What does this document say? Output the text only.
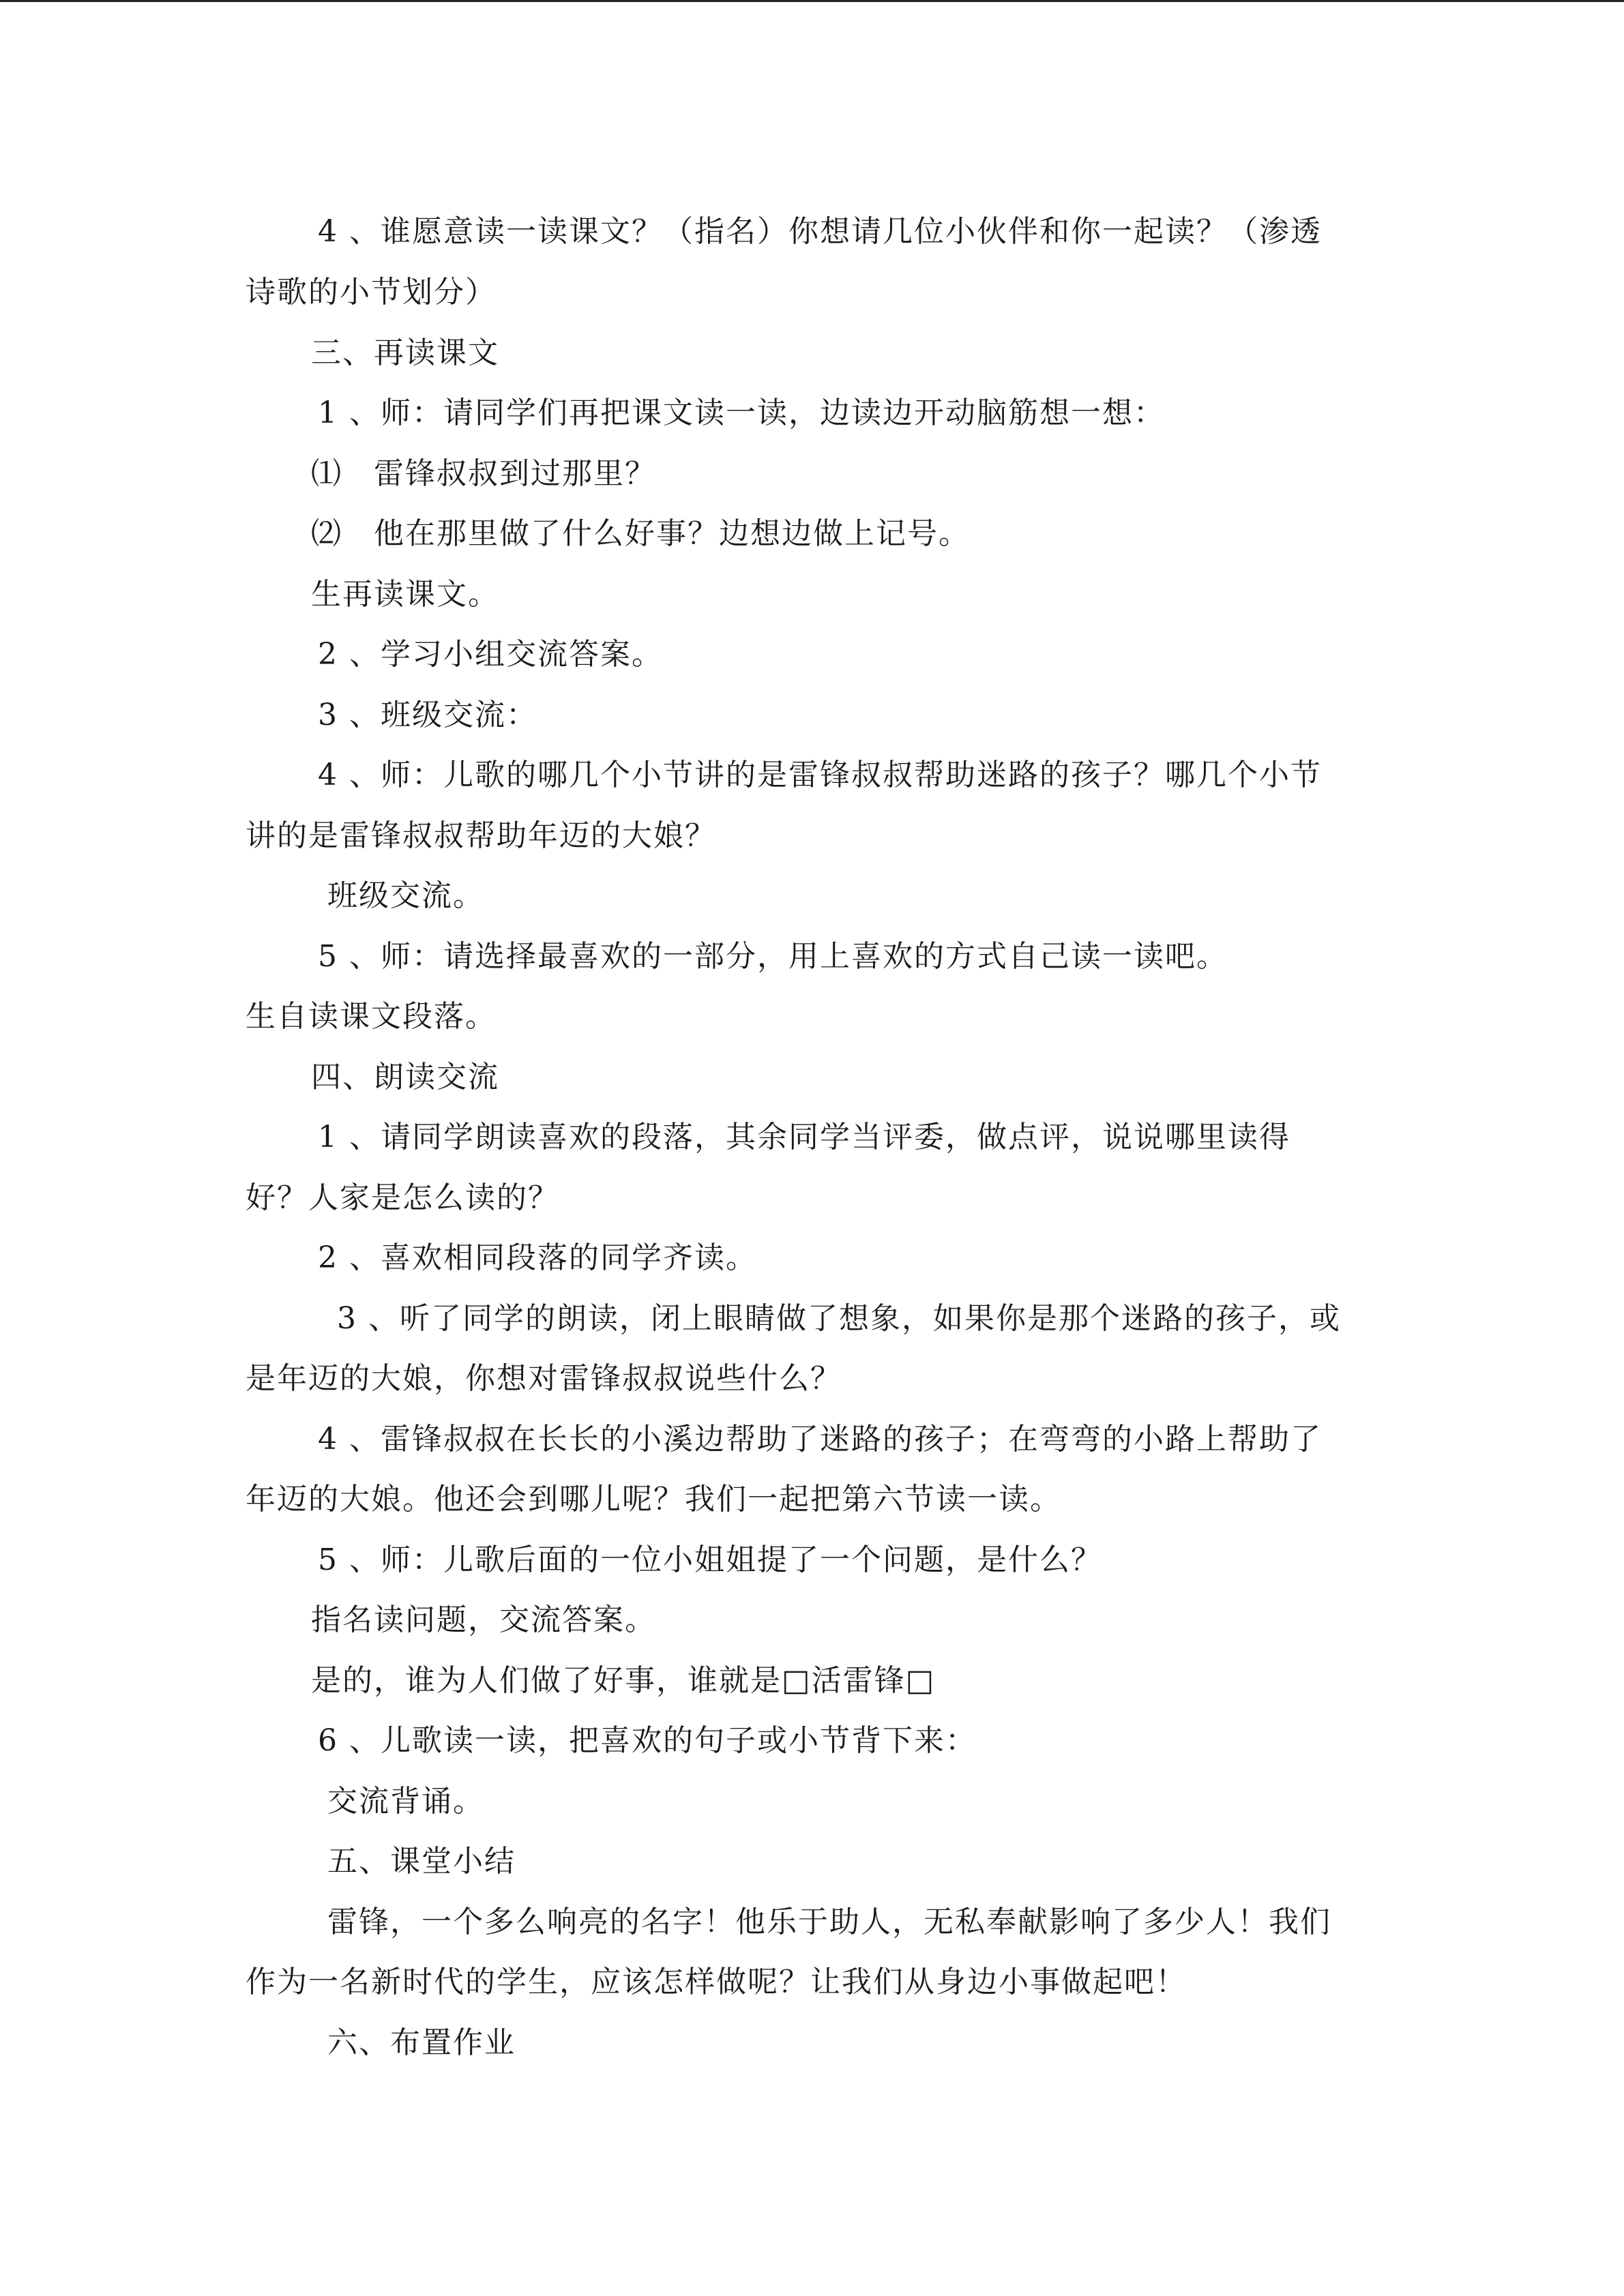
4 、谁愿意读一读课文？（指名）你想请几位小伙伴和你一起读？（渗透
诗歌的小节划分）
三、再读课文
1 、师：请同学们再把课文读一读，边读边开动脑筋想一想：
⑴　雷锋叔叔到过那里？
⑵　他在那里做了什么好事？边想边做上记号。
生再读课文。
2 、学习小组交流答案。
3 、班级交流：
4 、师：儿歌的哪几个小节讲的是雷锋叔叔帮助迷路的孩子？哪几个小节
讲的是雷锋叔叔帮助年迈的大娘？
班级交流。
5 、师：请选择最喜欢的一部分，用上喜欢的方式自己读一读吧。
生自读课文段落。
四、朗读交流
1 、请同学朗读喜欢的段落，其余同学当评委，做点评，说说哪里读得
好？人家是怎么读的？
2 、喜欢相同段落的同学齐读。
3 、听了同学的朗读，闭上眼睛做了想象，如果你是那个迷路的孩子，或
是年迈的大娘，你想对雷锋叔叔说些什么？
4 、雷锋叔叔在长长的小溪边帮助了迷路的孩子；在弯弯的小路上帮助了
年迈的大娘。他还会到哪儿呢？我们一起把第六节读一读。
5 、师：儿歌后面的一位小姐姐提了一个问题，是什么？
指名读问题，交流答案。
是的，谁为人们做了好事，谁就是□活雷锋□
6 、儿歌读一读，把喜欢的句子或小节背下来：
交流背诵。
五、课堂小结
雷锋，一个多么响亮的名字！他乐于助人，无私奉献影响了多少人！我们
作为一名新时代的学生，应该怎样做呢？让我们从身边小事做起吧！
六、布置作业
